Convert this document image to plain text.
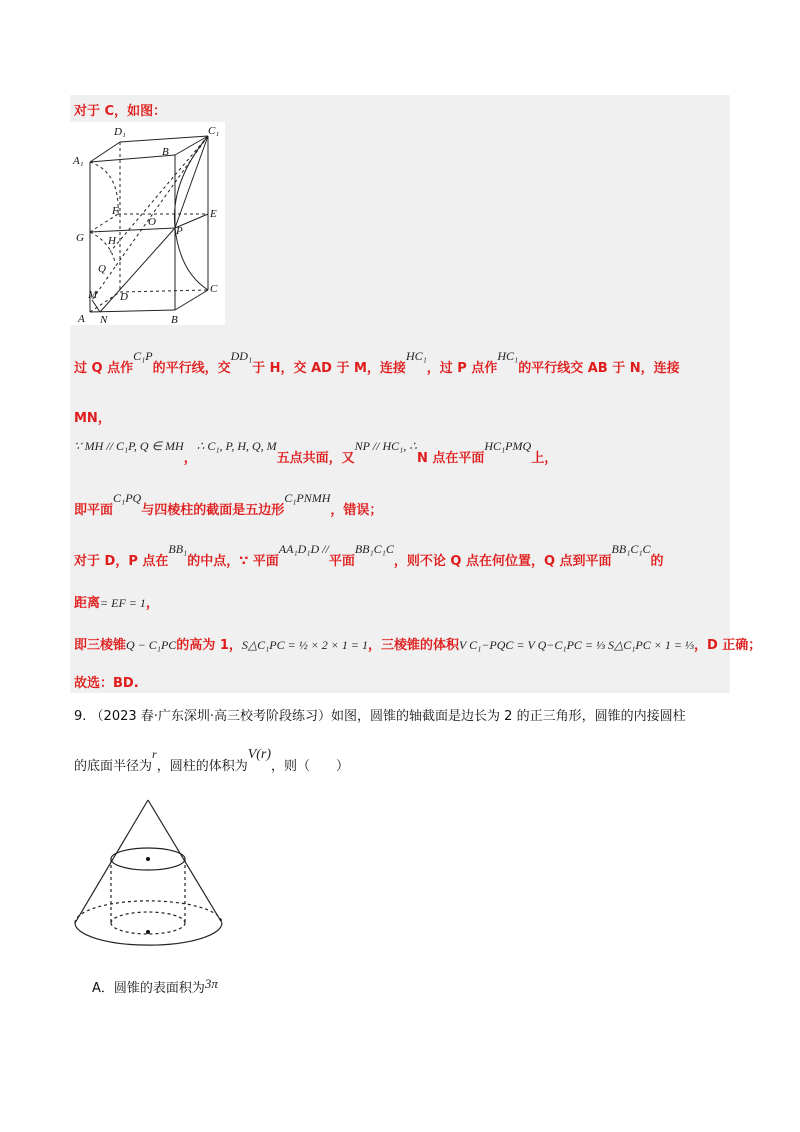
对于 C，如图：
D₁	C₁
A₁
B
F	E
O
P
G H
Q
M D
C
A N	B
过 Q 点作C₁P的平行线，交DD₁于 H，交 AD 于 M，连接HC₁，过 P 点作HC₁的平行线交 AB 于 N，连接
MN，
∵ MH // C₁P, Q ∈ MH，∴ C₁, P, H, Q, M五点共面，又NP // HC₁, ∴N 点在平面HC₁PMQ上，
即平面C₁PQ与四棱柱的截面是五边形C₁PNMH，错误；
对于 D，P 点在BB₁的中点，∵ 平面AA₁D₁D //平面BB₁C₁C，则不论 Q 点在何位置，Q 点到平面BB₁C₁C的
距离= EF = 1，
即三棱锥Q − C₁PC的高为 1，S△C₁PC = ½ × 2 × 1 = 1，三棱锥的体积V C₁−PQC = V Q−C₁PC = ⅓ S△C₁PC × 1 = ⅓，D 正确；
故选：BD.
9. （2023 春·广东深圳·高三校考阶段练习）如图，圆锥的轴截面是边长为 2 的正三角形，圆锥的内接圆柱
的底面半径为r，圆柱的体积为V(r)，则（　　）
A．圆锥的表面积为3π
